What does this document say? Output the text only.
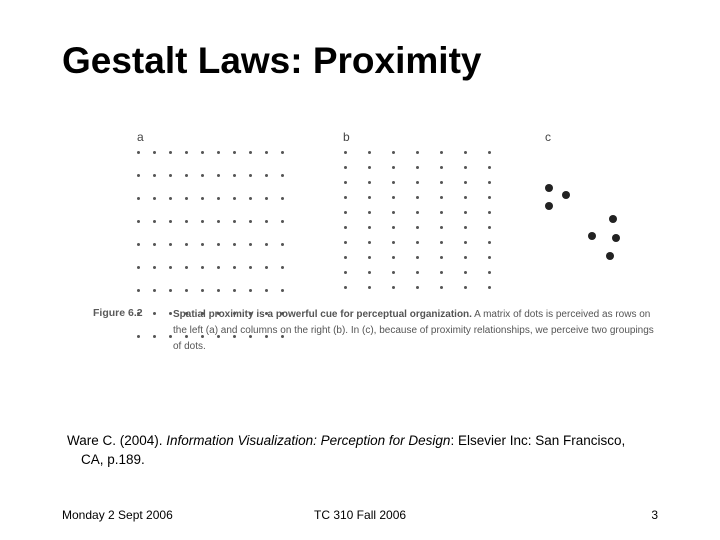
Gestalt Laws: Proximity
a	b	c
Figure 6.2	Spatial proximity is a powerful cue for perceptual organization. A matrix of dots is perceived as rows on the left (a) and columns on the right (b). In (c), because of proximity relationships, we perceive two groupings of dots.
Ware C. (2004). Information Visualization: Perception for Design: Elsevier Inc: San Francisco,
CA, p.189.
Monday 2 Sept 2006	TC 310 Fall 2006	3
